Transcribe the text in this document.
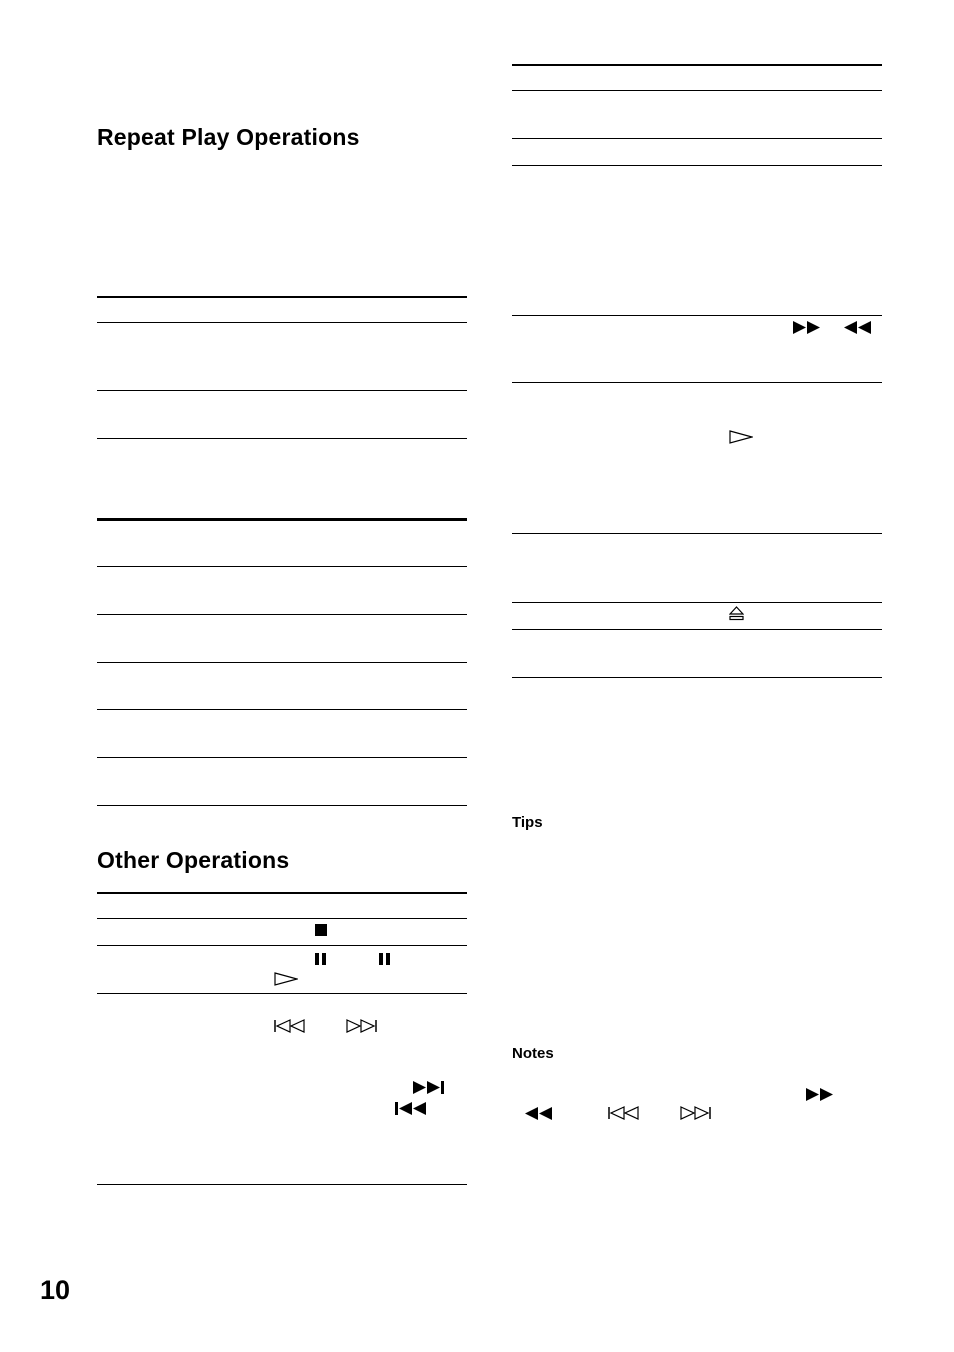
Repeat Play Operations
Other Operations
Tips
Notes
10
